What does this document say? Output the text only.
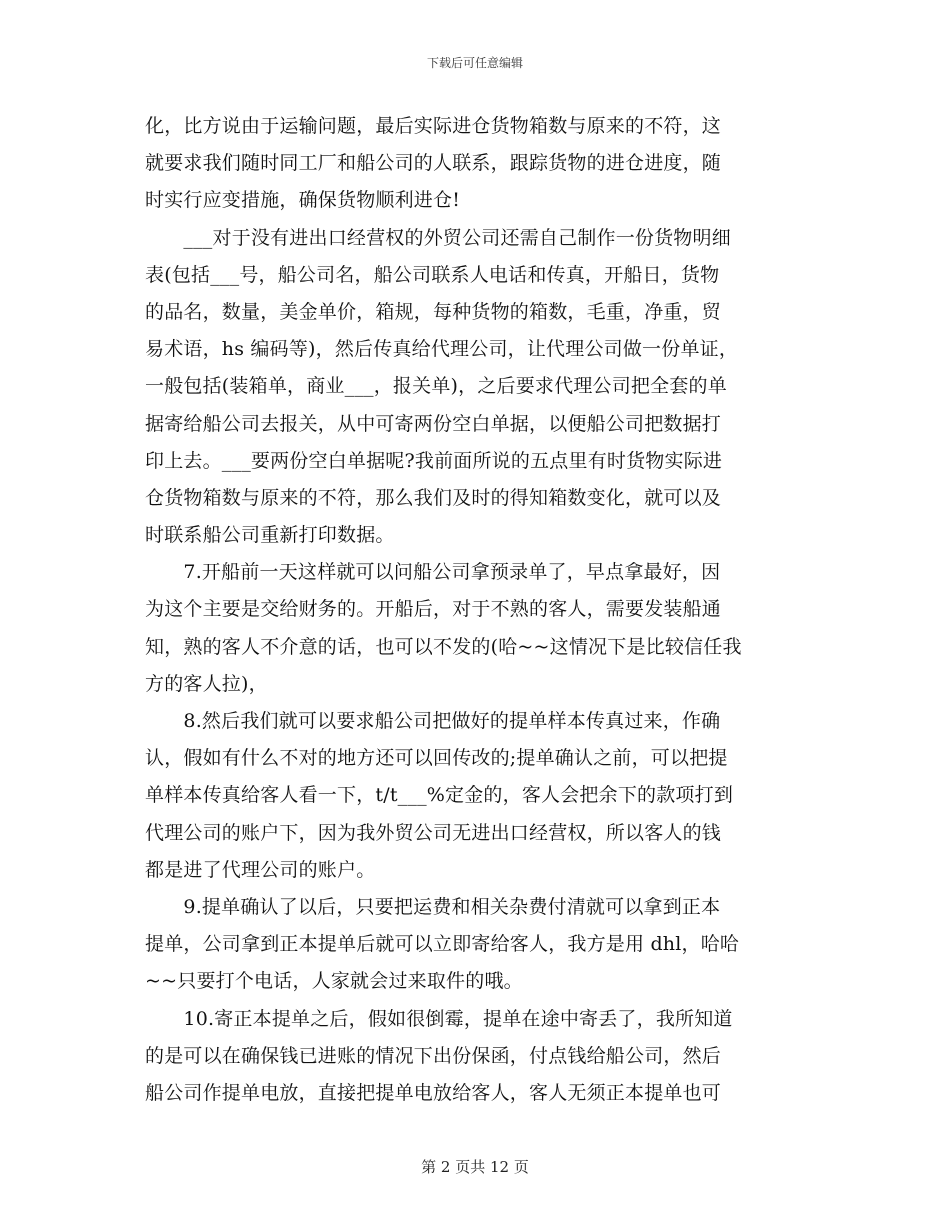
下载后可任意编辑
化，比方说由于运输问题，最后实际进仓货物箱数与原来的不符，这
就要求我们随时同工厂和船公司的人联系，跟踪货物的进仓进度，随
时实行应变措施，确保货物顺利进仓!
　　___对于没有进出口经营权的外贸公司还需自己制作一份货物明细
表(包括___号，船公司名，船公司联系人电话和传真，开船日，货物
的品名，数量，美金单价，箱规，每种货物的箱数，毛重，净重，贸
易术语，hs 编码等)，然后传真给代理公司，让代理公司做一份单证，
一般包括(装箱单，商业___，报关单)，之后要求代理公司把全套的单
据寄给船公司去报关，从中可寄两份空白单据，以便船公司把数据打
印上去。___要两份空白单据呢?我前面所说的五点里有时货物实际进
仓货物箱数与原来的不符，那么我们及时的得知箱数变化，就可以及
时联系船公司重新打印数据。
　　7.开船前一天这样就可以问船公司拿预录单了，早点拿最好，因
为这个主要是交给财务的。开船后，对于不熟的客人，需要发装船通
知，熟的客人不介意的话，也可以不发的(哈~~这情况下是比较信任我
方的客人拉)，
　　8.然后我们就可以要求船公司把做好的提单样本传真过来，作确
认，假如有什么不对的地方还可以回传改的;提单确认之前，可以把提
单样本传真给客人看一下，t/t___%定金的，客人会把余下的款项打到
代理公司的账户下，因为我外贸公司无进出口经营权，所以客人的钱
都是进了代理公司的账户。
　　9.提单确认了以后，只要把运费和相关杂费付清就可以拿到正本
提单，公司拿到正本提单后就可以立即寄给客人，我方是用 dhl，哈哈
~~只要打个电话，人家就会过来取件的哦。
　　10.寄正本提单之后，假如很倒霉，提单在途中寄丢了，我所知道
的是可以在确保钱已进账的情况下出份保函，付点钱给船公司，然后
船公司作提单电放，直接把提单电放给客人，客人无须正本提单也可
第 2 页共 12 页
